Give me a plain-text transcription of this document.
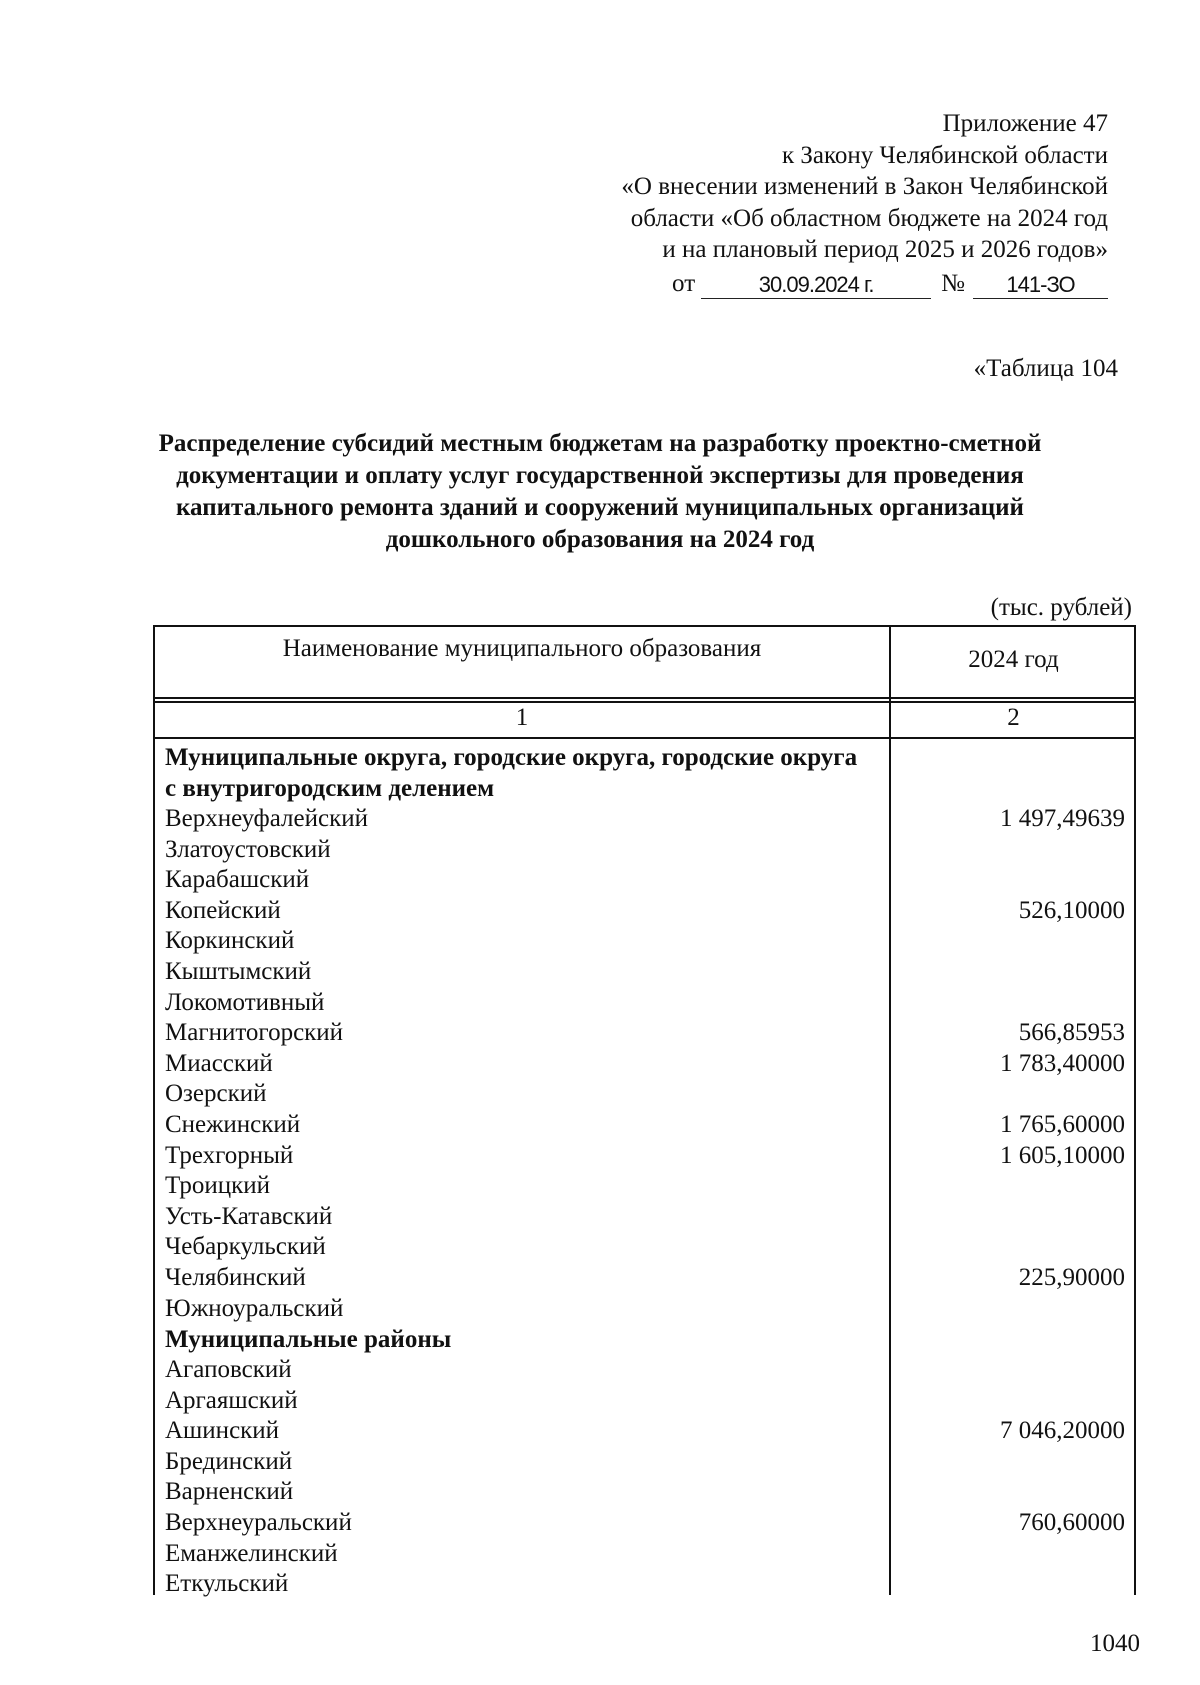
Приложение 47
к Закону Челябинской области
«О внесении изменений в Закон Челябинской
области «Об областном бюджете на 2024 год
и на плановый период 2025 и 2026 годов»
от	30.09.2024 г.	№	141-ЗО
«Таблица 104
Распределение субсидий местным бюджетам на разработку проектно-сметной
документации и оплату услуг государственной экспертизы для проведения
капитального ремонта зданий и сооружений муниципальных организаций
дошкольного образования на 2024 год
(тыс. рублей)
Наименование муниципального образования	2024 год
1	2
Муниципальные округа, городские округа, городские округа с внутригородским делением
Верхнеуфалейский	1 497,49639
Златоустовский
Карабашский
Копейский	526,10000
Коркинский
Кыштымский
Локомотивный
Магнитогорский	566,85953
Миасский	1 783,40000
Озерский
Снежинский	1 765,60000
Трехгорный	1 605,10000
Троицкий
Усть-Катавский
Чебаркульский
Челябинский	225,90000
Южноуральский
Муниципальные районы
Агаповский
Аргаяшский
Ашинский	7 046,20000
Брединский
Варненский
Верхнеуральский	760,60000
Еманжелинский
Еткульский
1040
